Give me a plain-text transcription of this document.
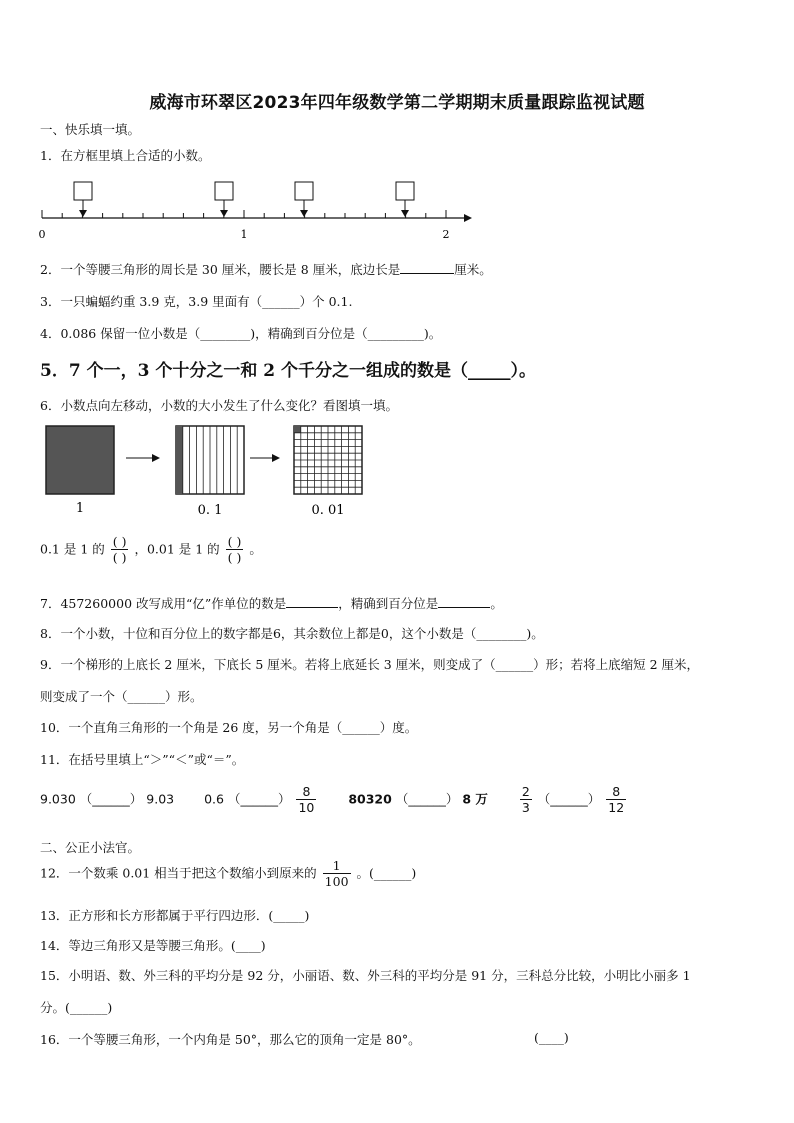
威海市环翠区2023年四年级数学第二学期期末质量跟踪监视试题
一、快乐填一填。
1．在方框里填上合适的小数。
0	1	2
2．一个等腰三角形的周长是 30 厘米，腰长是 8 厘米，底边长是	厘米。
3．一只蝙蝠约重 3.9 克，3.9 里面有（______）个 0.1.
4．0.086 保留一位小数是（________)，精确到百分位是（_________)。
5．7 个一，3 个十分之一和 2 个千分之一组成的数是（_____）。
6．小数点向左移动，小数的大小发生了什么变化？看图填一填。
1	0. 1	0. 01
0.1 是 1 的 $\frac{( )}{( )}$ ，0.01 是 1 的 $\frac{( )}{( )}$ 。
7．457260000 改写成用“亿”作单位的数是	，精确到百分位是	。
8．一个小数，十位和百分位上的数字都是6，其余数位上都是0，这个小数是（________)。
9．一个梯形的上底长 2 厘米，下底长 5 厘米。若将上底延长 3 厘米，则变成了（______）形；若将上底缩短 2 厘米，
则变成了一个（______）形。
10．一个直角三角形的一个角是 26 度，另一个角是（______）度。
11．在括号里填上“＞”“＜”或“＝”。
9.030 （______） 9.03 0.6 （______） $\frac{8}{10}$	80320 （______） 8 万	$\frac{2}{3}$ （______） $\frac{8}{12}$
二、公正小法官。
12．一个数乘 0.01 相当于把这个数缩小到原来的 $\frac{1}{100}$ 。(______)
13．正方形和长方形都属于平行四边形．(_____)
14．等边三角形又是等腰三角形。(____)
15．小明语、数、外三科的平均分是 92 分，小丽语、数、外三科的平均分是 91 分，三科总分比较，小明比小丽多 1
分。(______)
16．一个等腰三角形，一个内角是 50°，那么它的顶角一定是 80°。	(____)
